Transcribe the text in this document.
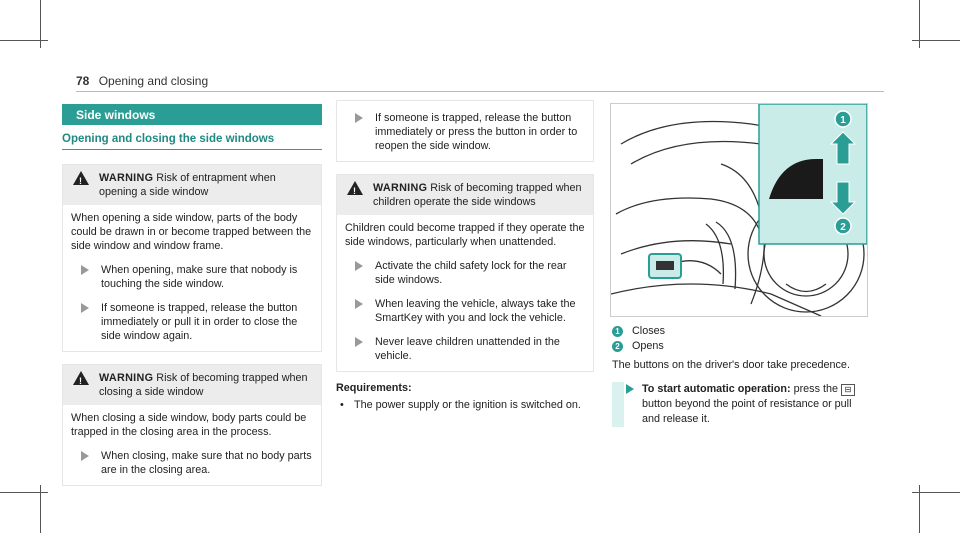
78 Opening and closing
Side windows
Opening and closing the side windows
! WARNING Risk of entrapment when opening a side window
When opening a side window, parts of the body could be drawn in or become trapped between the side window and window frame.
When opening, make sure that nobody is touching the side window.
If someone is trapped, release the button immediately or pull it in order to close the side window again.
! WARNING Risk of becoming trapped when closing a side window
When closing a side window, body parts could be trapped in the closing area in the process.
When closing, make sure that no body parts are in the closing area.
If someone is trapped, release the button immediately or press the button in order to reopen the side window.
! WARNING Risk of becoming trapped when children operate the side windows
Children could become trapped if they operate the side windows, particularly when unattended.
Activate the child safety lock for the rear side windows.
When leaving the vehicle, always take the SmartKey with you and lock the vehicle.
Never leave children unattended in the vehicle.
Requirements:
• The power supply or the ignition is switched on.
1
2
1 Closes
2 Opens
The buttons on the driver's door take precedence.
To start automatic operation: press the ⊟ button beyond the point of resistance or pull and release it.
